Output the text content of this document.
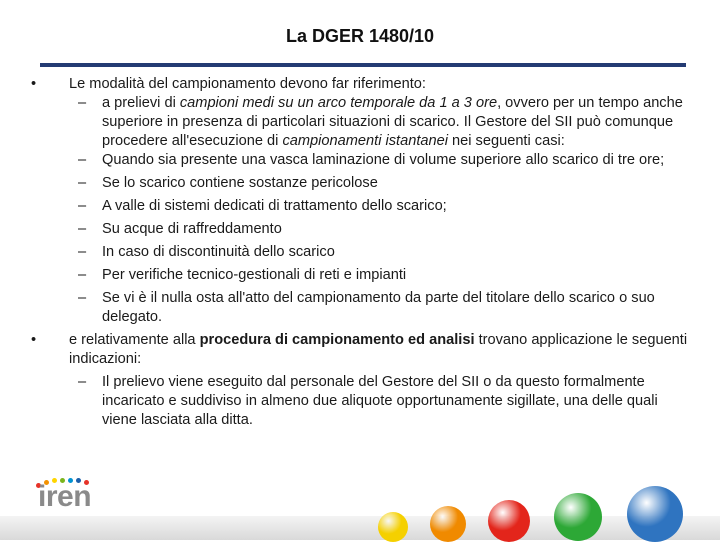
La DGER 1480/10
• Le modalità del campionamento devono far riferimento:
– a prelievi di campioni medi su un arco temporale da 1 a 3 ore, ovvero per un tempo anche superiore in presenza di particolari situazioni di scarico. Il Gestore del SII può comunque procedere all'esecuzione di campionamenti istantanei nei seguenti casi:
– Quando sia presente una vasca laminazione di volume superiore allo scarico di tre ore;
– Se lo scarico contiene sostanze pericolose
– A valle di sistemi dedicati di trattamento dello scarico;
– Su acque di raffreddamento
– In caso di discontinuità dello scarico
– Per verifiche tecnico-gestionali di reti e impianti
– Se vi è il nulla osta all'atto del campionamento da parte del titolare dello scarico o suo delegato.
• e relativamente alla procedura di campionamento ed analisi trovano applicazione le seguenti indicazioni:
– Il prelievo viene eseguito dal personale del Gestore del SII o da questo formalmente incaricato e suddiviso in almeno due aliquote opportunamente sigillate, una delle quali viene lasciata alla ditta.
iren
